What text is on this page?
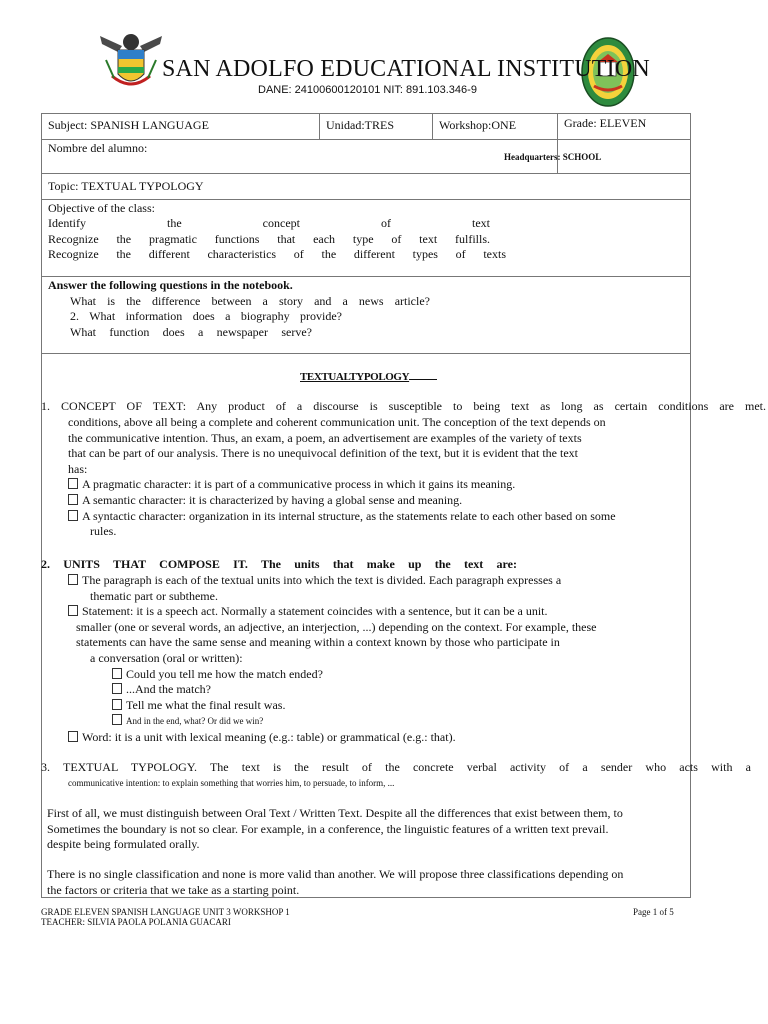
SAN ADOLFO EDUCATIONAL INSTITUTION
DANE: 24100600120101 NIT: 891.103.346-9
Subject: SPANISH LANGUAGE	Unidad:TRES	Workshop:ONE	Grade: ELEVEN
Nombre del alumno:			Headquarters: SCHOOL
Topic: TEXTUAL TYPOLOGY			

Objective of the class:
Identify the concept of text
Recognize the pragmatic functions that each type of text fulfills.
Recognize the different characteristics of the different types of texts			

Answer the following questions in the notebook.
What is the difference between a story and a news article?
2. What information does a biography provide?
What function does a newspaper serve?			
TEXTUALTYPOLOGY
1. CONCEPT OF TEXT: Any product of a discourse is susceptible to being text as long as certain conditions are met.
conditions, above all being a complete and coherent communication unit. The conception of the text depends on
the communicative intention. Thus, an exam, a poem, an advertisement are examples of the variety of texts
that can be part of our analysis. There is no unequivocal definition of the text, but it is evident that the text
has:
A pragmatic character: it is part of a communicative process in which it gains its meaning.
A semantic character: it is characterized by having a global sense and meaning.
A syntactic character: organization in its internal structure, as the statements relate to each other based on some
rules.
2. UNITS THAT COMPOSE IT. The units that make up the text are:
The paragraph is each of the textual units into which the text is divided. Each paragraph expresses a
thematic part or subtheme.
Statement: it is a speech act. Normally a statement coincides with a sentence, but it can be a unit.
smaller (one or several words, an adjective, an interjection, ...) depending on the context. For example, these
statements can have the same sense and meaning within a context known by those who participate in
a conversation (oral or written):
Could you tell me how the match ended?
...And the match?
Tell me what the final result was.
And in the end, what? Or did we win?
Word: it is a unit with lexical meaning (e.g.: table) or grammatical (e.g.: that).
3. TEXTUAL TYPOLOGY. The text is the result of the concrete verbal activity of a sender who acts with a
communicative intention: to explain something that worries him, to persuade, to inform, ...
First of all, we must distinguish between Oral Text / Written Text. Despite all the differences that exist between them, to
Sometimes the boundary is not so clear. For example, in a conference, the linguistic features of a written text prevail.
despite being formulated orally.
There is no single classification and none is more valid than another. We will propose three classifications depending on
the factors or criteria that we take as a starting point.
GRADE ELEVEN SPANISH LANGUAGE UNIT 3 WORKSHOP 1
TEACHER: SILVIA PAOLA POLANIA GUACARI
Page 1 of 5
